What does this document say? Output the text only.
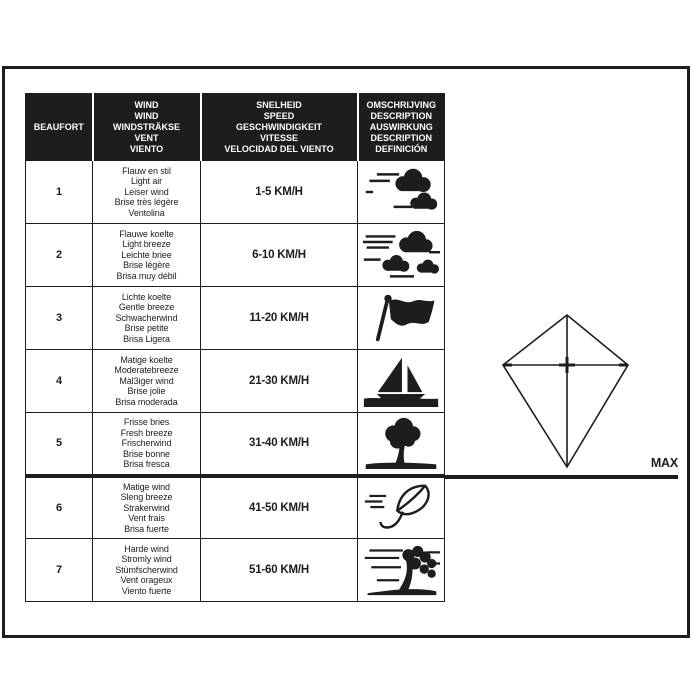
BEAUFORT	WIND
WIND
WINDSTRÄKSE
VENT
VIENTO	SNELHEID
SPEED
GESCHWINDIGKEIT
VITESSE
VELOCIDAD DEL VIENTO	OMSCHRIJVING
DESCRIPTION
AUSWIRKUNG
DESCRIPTION
DEFINICIÓN
1	Flauw en stil
Light air
Leiser wind
Brise très légère
Ventolina	1-5 KM/H	

2	Flauwe koelte
Light breeze
Leichte briee
Brise légère
Brisa muy débil	6-10 KM/H	

3	Lichte koelte
Gentle breeze
Schwacherwind
Brise petite
Brisa Ligera	11-20 KM/H	

4	Matige koelte
Moderatebreeze
Màl3iger wind
Brise jolie
Brisa moderada	21-30 KM/H	

5	Frisse bries
Fresh breeze
Frischerwind
Brise bonne
Brisa fresca	31-40 KM/H	

6	Matige wind
Sleng breeze
Strakerwind
Vent frais
Brisa fuerte	41-50 KM/H	

7	Harde wind
Stromly wind
Stümfscherwind
Vent orageux
Viento fuerte	51-60 KM/H	
MAX
